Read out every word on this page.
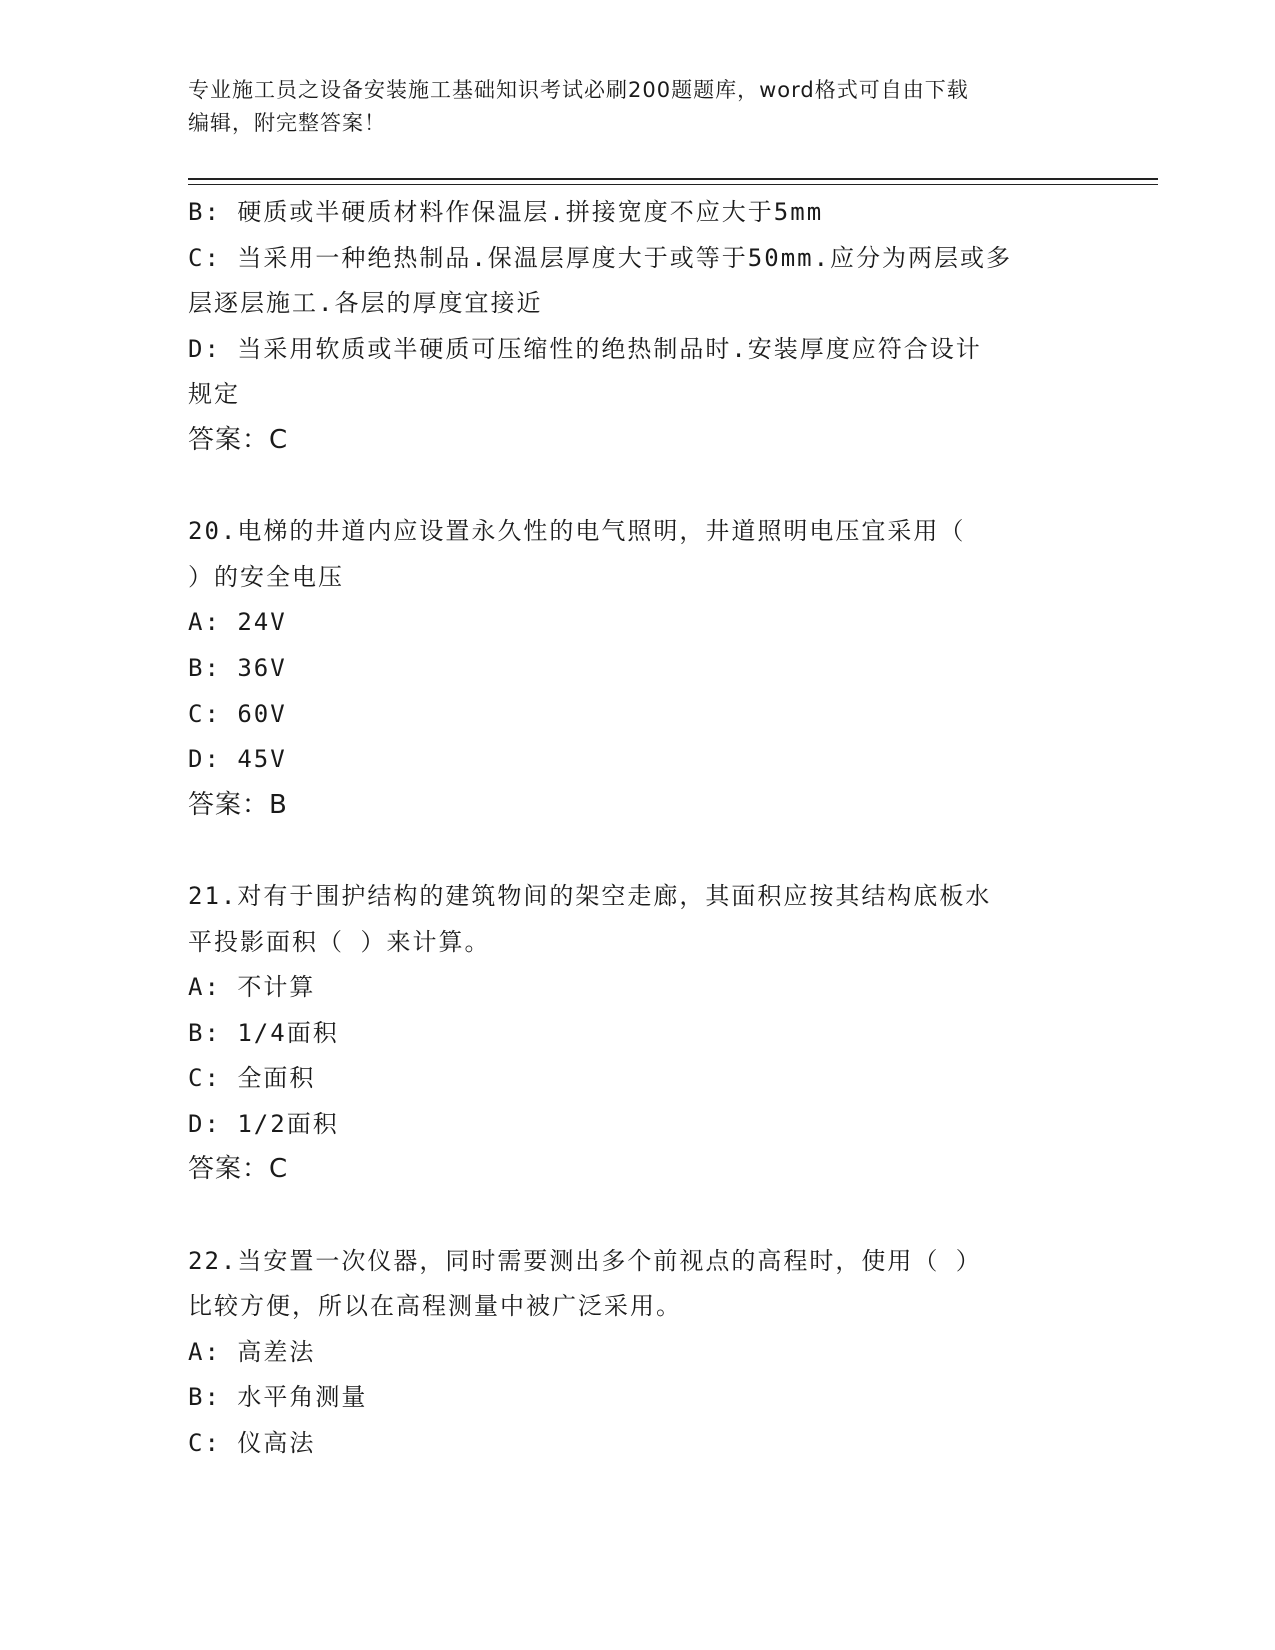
专业施工员之设备安装施工基础知识考试必刷200题题库，word格式可自由下载
编辑，附完整答案！
B: 硬质或半硬质材料作保温层.拼接宽度不应大于5mm
C: 当采用一种绝热制品.保温层厚度大于或等于50mm.应分为两层或多
层逐层施工.各层的厚度宜接近
D: 当采用软质或半硬质可压缩性的绝热制品时.安装厚度应符合设计
规定
答案：C
20.电梯的井道内应设置永久性的电气照明，井道照明电压宜采用（
）的安全电压
A: 24V
B: 36V
C: 60V
D: 45V
答案：B
21.对有于围护结构的建筑物间的架空走廊，其面积应按其结构底板水
平投影面积（ ）来计算。
A: 不计算
B: 1/4面积
C: 全面积
D: 1/2面积
答案：C
22.当安置一次仪器，同时需要测出多个前视点的高程时，使用（ ）
比较方便，所以在高程测量中被广泛采用。
A: 高差法
B: 水平角测量
C: 仪高法
